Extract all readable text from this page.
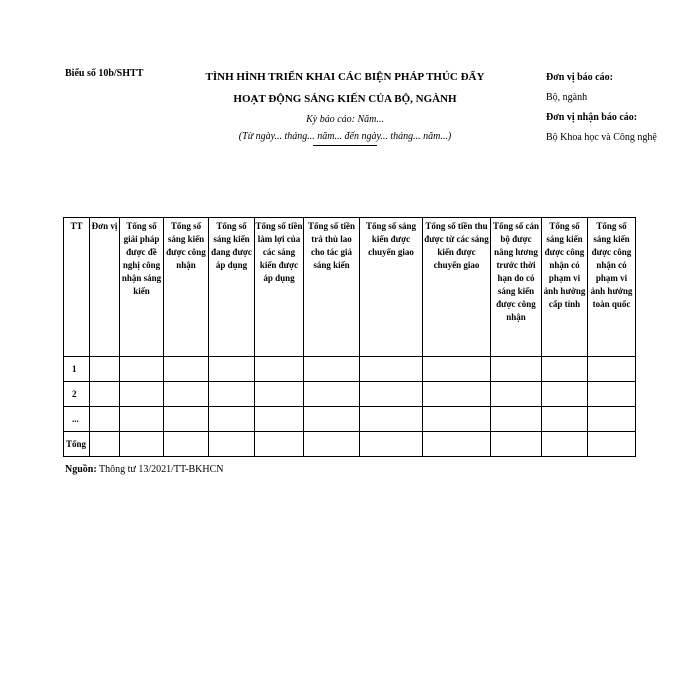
Biểu số 10b/SHTT	TÌNH HÌNH TRIỂN KHAI CÁC BIỆN PHÁP THÚC ĐẨY
HOẠT ĐỘNG SÁNG KIẾN CỦA BỘ, NGÀNH
Kỳ báo cáo: Năm...
(Từ ngày... tháng... năm... đến ngày... tháng... năm...)
Đơn vị báo cáo:
Bộ, ngành
Đơn vị nhận báo cáo:
Bộ Khoa học và Công nghệ
TT	Đơn vị	Tổng số giải pháp được đề nghị công nhận sáng kiến	Tổng số sáng kiến được công nhận	Tổng số sáng kiến đang được áp dụng	Tổng số tiền làm lợi của các sáng kiến được áp dụng	Tổng số tiền trả thù lao cho tác giả sáng kiến	Tổng số sáng kiến được chuyển giao	Tổng số tiền thu được từ các sáng kiến được chuyển giao	Tổng số cán bộ được nâng lương trước thời hạn do có sáng kiến được công nhận	Tổng số sáng kiến được công nhận có phạm vi ảnh hưởng cấp tỉnh	Tổng số sáng kiến được công nhận có phạm vi ảnh hưởng toàn quốc
1											
2											
...											
Tổng											
Nguồn: Thông tư 13/2021/TT-BKHCN
